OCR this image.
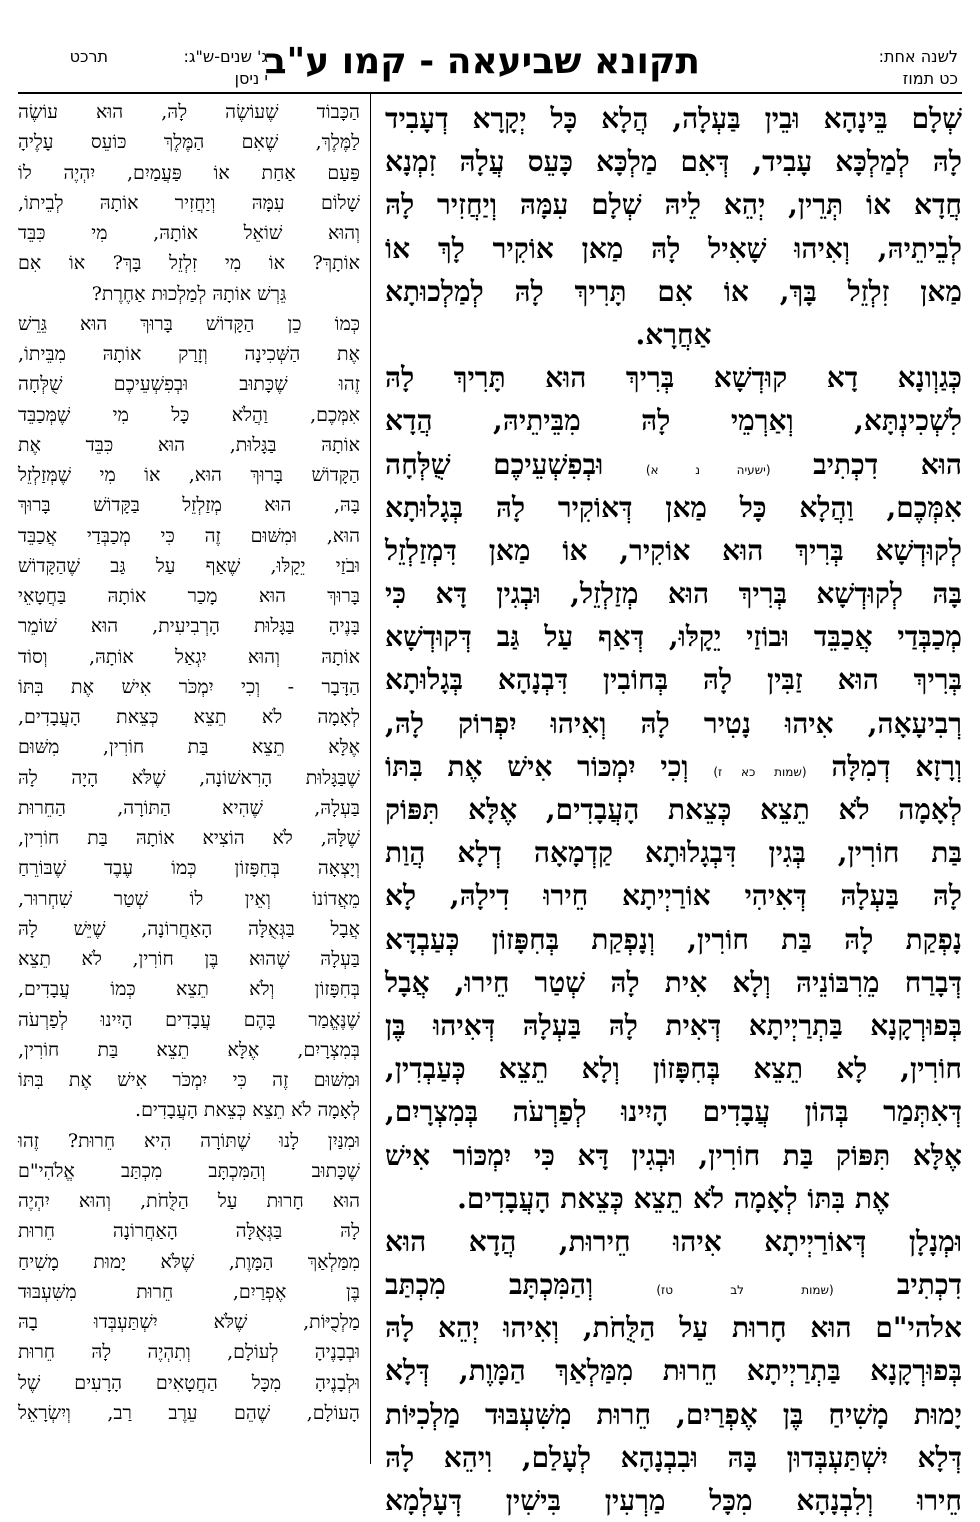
לשנה אחת:
כט תמוז
תקונא שביעאה - קמו ע"ב
ג' שנים-ש"ג:
י ניסן
תרכט
שְׁלָם בֵּינָהָא וּבֵין בַּעְלָה, הֲלָא כָּל יְקָרָא דְעָבִיד
לָהּ לְמַלְכָּא עָבִיד, דְּאִם מַלְכָּא כָּעֵס עֲלָהּ זִמְנָא
חֲדָא אוֹ תְּרֵין, יְהֵא לֵיהּ שְׁלָם עִמָּהּ וְיַחֲזִיר לָהּ
לְבֵיתֵיהּ, וְאִיהוּ שָׁאִיל לָהּ מַאן אוֹקִיר לָךְ אוֹ
מַאן זִלְזֵל בָּךְ, אוֹ אִם תָּרִיךְ לָהּ לְמַלְכוּתָא
אַחֲרָא.
כְּגַוְונָא דָא קוּדְשָׁא בְּרִיךְ הוּא תָּרִיךְ לָהּ
לִשְׁכִינְתָּא, וְאַרְמֵי לָהּ מִבֵּיתֵיהּ, הֲדָא
הוּא דִכְתִיב (ישעיה נ א) וּבְפִשְׁעֵיכֶם שֻׁלְּחָה
אִמְּכֶם, וַהֲלָא כָּל מַאן דְּאוֹקִיר לָהּ בְּגָלוּתָא
לְקוּדְשָׁא בְּרִיךְ הוּא אוֹקִיר, אוֹ מַאן דִּמְזַלְזֵל
בָּהּ לְקוּדְשָׁא בְּרִיךְ הוּא מְזַלְזֵל, וּבְגִין דָּא כִּי
מְכַבְּדַי אֲכַבֵּד וּבוֹזַי יֵקָלּוּ, דְּאַף עַל גַּב דְּקוּדְשָׁא
בְּרִיךְ הוּא זַבִּין לָהּ בְּחוֹבִין דִּבְנָהָא בְּגָלוּתָא
רְבִיעָאָה, אִיהוּ נָטִיר לָהּ וְאִיהוּ יִפְרוֹק לָהּ,
וְרָזָא דְמִלָּה (שמות כא ז) וְכִי יִמְכּוֹר אִישׁ אֶת בִּתּוֹ
לְאָמָה לֹא תֵצֵא כְּצֵאת הָעֲבָדִים, אֶלָּא תִּפּוֹק
בַּת חוֹרִין, בְּגִין דִּבְגָלוּתָא קַדְמָאָה דְלָא הֲוַת
לָהּ בַּעְלָהּ דְּאִיהִי אוֹרַיְיתָא חֵירוּ דִילָהּ, לָא
נָפְקַת לָהּ בַּת חוֹרִין, וְנָפְקַת בְּחִפָּזוֹן כְּעַבְדָּא
דְּבָרַח מֵרִבּוֹנֵיהּ וְלָא אִית לָהּ שְׁטַר חֵירוּ, אֲבָל
בְּפוּרְקָנָא בַּתְרַיְיתָא דְּאִית לָהּ בַּעְלָהּ דְּאִיהוּ בֶּן
חוֹרִין, לָא תֵצֵא בְּחִפָּזוֹן וְלָא תֵצֵא כְּעַבְדִין,
דְּאִתְּמַר בְּהוֹן עֲבָדִים הָיִינוּ לְפַרְעֹה בְּמִצְרָיִם,
אֶלָּא תִּפּוֹק בַּת חוֹרִין, וּבְגִין דָּא כִּי יִמְכּוֹר אִישׁ
אֶת בִּתּוֹ לְאָמָה לֹא תֵצֵא כְּצֵאת הָעֲבָדִים.
וּמְנָלָן דְּאוֹרַיְיתָא אִיהוּ חֵירוּת, הֲדָא הוּא
דִכְתִיב (שמות לב טז) וְהַמִּכְתָּב מִכְתַּב
אלהי"ם הוּא חָרוּת עַל הַלֻּחֹת, וְאִיהוּ יְהֵא לָהּ
בְּפוּרְקָנָא בַּתְרַיְיתָא חֵרוּת מִמַּלְאַךְ הַמָּוֶת, דְּלָא
יָמוּת מָשִׁיחַ בֶּן אֶפְרַיִם, חֵרוּת מִשִּׁעְבּוּד מַלְכִיּוֹת
דְּלָא יִשְׁתַּעְבְּדוּן בָּהּ וּבִבְנָהָא לְעָלַם, וִיהֵא לָהּ
חֵירוּ וְלִבְנָהָא מִכָּל מַרְעִין בִּישִׁין דְּעָלְמָא
הַכָּבוֹד שֶׁעוֹשֶׂה לָהּ, הוּא עוֹשֶׂה
לַמֶּלֶךְ, שֶׁאִם הַמֶּלֶךְ כּוֹעֵס עָלֶיהָ
פַּעַם אַחַת אוֹ פַּעֲמַיִם, יִהְיֶה לוֹ
שָׁלוֹם עִמָּהּ וְיַחֲזִיר אוֹתָהּ לְבֵיתוֹ,
וְהוּא שׁוֹאֵל אוֹתָהּ, מִי כִּבֵּד
אוֹתָךְ? אוֹ מִי זִלְזֵל בָּךְ? אוֹ אִם
גֵּרְשׁ אוֹתָהּ לְמַלְכוּת אַחֶרֶת?
כְּמוֹ כֵן הַקָּדוֹשׁ בָּרוּךְ הוּא גֵּרֵשׁ
אֶת הַשְּׁכִינָה וְזָרַק אוֹתָהּ מִבֵּיתוֹ,
זֶהוּ שֶׁכָּתוּב וּבְפִשְׁעֵיכֶם שֻׁלְּחָה
אִמְּכֶם, וַהֲלֹא כָּל מִי שֶׁמְּכַבֵּד
אוֹתָהּ בַּגָּלוּת, הוּא כִּבֵּד אֶת
הַקָּדוֹשׁ בָּרוּךְ הוּא, אוֹ מִי שֶׁמְּזַלְזֵל
בָּהּ, הוּא מְזַלְזֵל בַּקָּדוֹשׁ בָּרוּךְ
הוּא, וּמִשּׁוּם זֶה כִּי מְכַבְּדַי אֲכַבֵּד
וּבֹזַי יֵקָלּוּ, שֶׁאַף עַל גַּב שֶׁהַקָּדוֹשׁ
בָּרוּךְ הוּא מָכַר אוֹתָהּ בַּחֲטָאֵי
בָּנֶיהָ בַּגָּלוּת הָרְבִיעִית, הוּא שׁוֹמֵר
אוֹתָהּ וְהוּא יִגְאַל אוֹתָהּ, וְסוֹד
הַדָּבָר - וְכִי יִמְכֹּר אִישׁ אֶת בִּתּוֹ
לְאָמָה לֹא תֵצֵא כְּצֵאת הָעֲבָדִים,
אֶלָּא תֵצֵא בַּת חוֹרִין, מִשּׁוּם
שֶׁבַּגָּלוּת הָרִאשׁוֹנָה, שֶׁלֹּא הָיָה לָהּ
בַּעְלָהּ, שֶׁהִיא הַתּוֹרָה, הַחֵרוּת
שֶׁלָּהּ, לֹא הוֹצִיא אוֹתָהּ בַּת חוֹרִין,
וְיָצְאָה בְּחִפָּזוֹן כְּמוֹ עֶבֶד שֶׁבּוֹרֵחַ
מֵאֲדוֹנוֹ וְאֵין לוֹ שְׁטַר שִׁחְרוּר,
אֲבָל בַּגְּאֻלָּה הָאַחֲרוֹנָה, שֶׁיֵּשׁ לָהּ
בַּעְלָהּ שֶׁהוּא בֶּן חוֹרִין, לֹא תֵצֵא
בְּחִפָּזוֹן וְלֹא תֵצֵא כְּמוֹ עֲבָדִים,
שֶׁנֶּאֱמַר בָּהֶם עֲבָדִים הָיִינוּ לְפַרְעֹה
בְּמִצְרָיִם, אֶלָּא תֵצֵא בַּת חוֹרִין,
וּמִשּׁוּם זֶה כִּי יִמְכֹּר אִישׁ אֶת בִּתּוֹ
לְאָמָה לֹא תֵצֵא כְּצֵאת הָעֲבָדִים.
וּמִנַּיִן לָנוּ שֶׁתּוֹרָה הִיא חֵרוּת? זֶהוּ
שֶׁכָּתוּב וְהַמִּכְתָּב מִכְתַּב אֱלֹהִי"ם
הוּא חָרוּת עַל הַלֻּחֹת, וְהוּא יִהְיֶה
לָהּ בַּגְּאֻלָּה הָאַחֲרוֹנָה חֵרוּת
מִמַּלְאַךְ הַמָּוֶת, שֶׁלֹּא יָמוּת מָשִׁיחַ
בֶּן אֶפְרַיִם, חֵרוּת מִשִּׁעְבּוּד
מַלְכֻיּוֹת, שֶׁלֹּא יִשְׁתַּעְבְּדוּ בָהּ
וּבְבָנֶיהָ לְעוֹלָם, וְתִהְיֶה לָהּ חֵרוּת
וּלְבָנֶיהָ מִכָּל הַחֲטָאִים הָרָעִים שֶׁל
הָעוֹלָם, שֶׁהֵם עֵרֶב רַב, וְיִשְׂרָאֵל
